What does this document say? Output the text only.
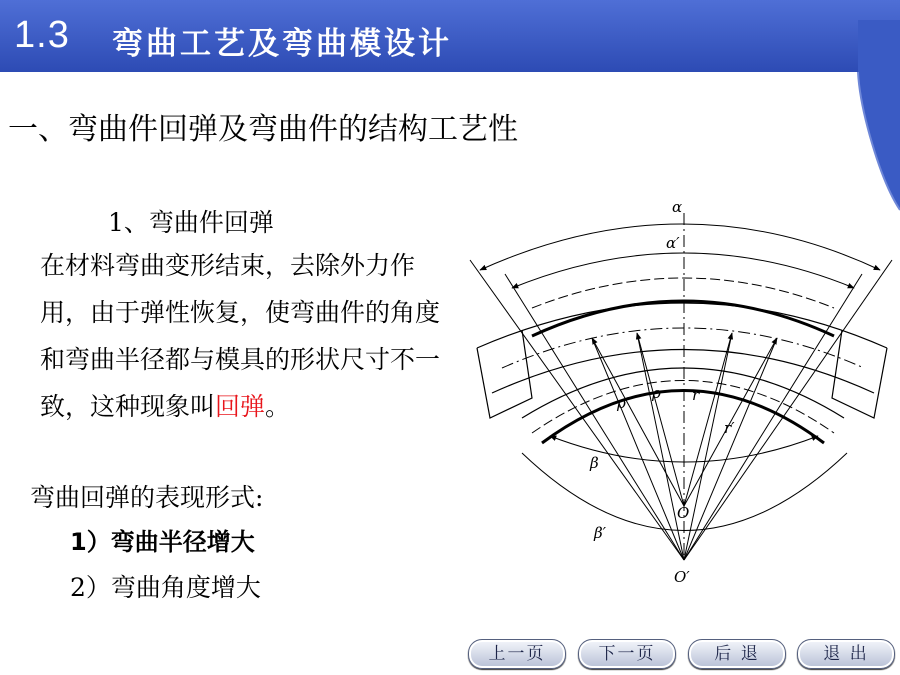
1.3 弯曲工艺及弯曲模设计
一、弯曲件回弹及弯曲件的结构工艺性
1、弯曲件回弹
在材料弯曲变形结束，去除外力作用，由于弹性恢复，使弯曲件的角度和弯曲半径都与模具的形状尺寸不一致，这种现象叫回弹。
弯曲回弹的表现形式:
1）弯曲半径增大
2）弯曲角度增大
α
α′
β
β′
ρ′
ρ r
r′
O
O′
上一页	下一页	后 退	退 出
